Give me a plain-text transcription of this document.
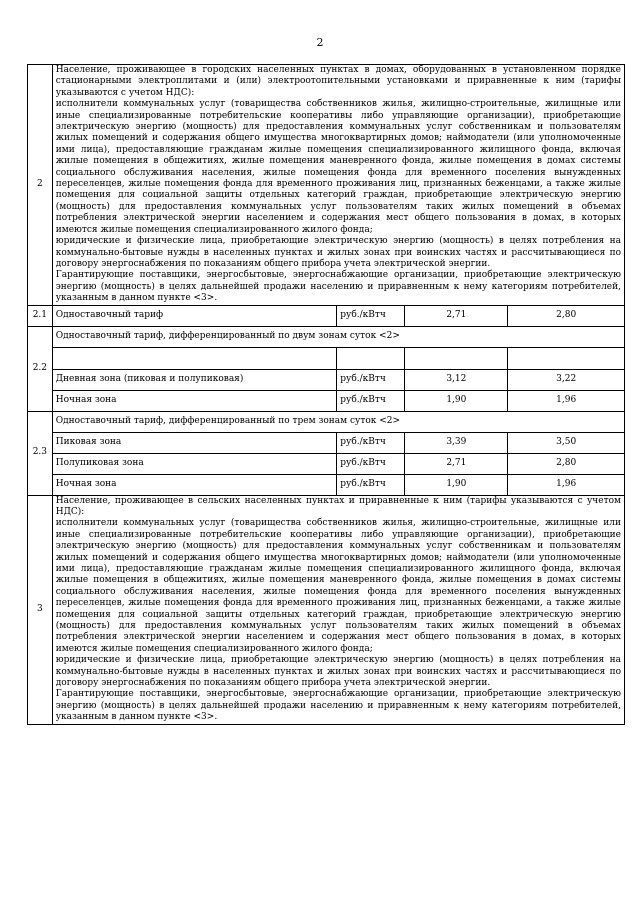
2
2	Население, проживающее в городских населенных пунктах в домах, оборудованных в установленном порядке стационарными электроплитами и (или) электроотопительными установками и приравненные к ним (тарифы указываются с учетом НДС):

исполнители коммунальных услуг (товарищества собственников жилья, жилищно-строительные, жилищные или иные специализированные потребительские кооперативы либо управляющие организации), приобретающие электрическую энергию (мощность) для предоставления коммунальных услуг собственникам и пользователям жилых помещений и содержания общего имущества многоквартирных домов; наймодатели (или уполномоченные ими лица), предоставляющие гражданам жилые помещения специализированного жилищного фонда, включая жилые помещения в общежитиях, жилые помещения маневренного фонда, жилые помещения в домах системы социального обслуживания населения, жилые помещения фонда для временного поселения вынужденных переселенцев, жилые помещения фонда для временного проживания лиц, признанных беженцами, а также жилые помещения для социальной защиты отдельных категорий граждан, приобретающие электрическую энергию (мощность) для предоставления коммунальных услуг пользователям таких жилых помещений в объемах потребления электрической энергии населением и содержания мест общего пользования в домах, в которых имеются жилые помещения специализированного жилого фонда;

юридические и физические лица, приобретающие электрическую энергию (мощность) в целях потребления на коммунально-бытовые нужды в населенных пунктах и жилых зонах при воинских частях и рассчитывающиеся по договору энергоснабжения по показаниям общего прибора учета электрической энергии.

Гарантирующие поставщики, энергосбытовые, энергоснабжающие организации, приобретающие электрическую энергию (мощность) в целях дальнейшей продажи населению и приравненным к нему категориям потребителей, указанным в данном пункте <3>.			

2.1	Одноставочный тариф	руб./кВтч	2,71	2,80
2.2	Одноставочный тариф, дифференцированный по двум зонам суток <2>			

	Дневная зона (пиковая и полупиковая)	руб./кВтч	3,12	3,22
	Ночная зона	руб./кВтч	1,90	1,96
2.3	Одноставочный тариф, дифференцированный по трем зонам суток <2>			
	Пиковая зона	руб./кВтч	3,39	3,50
	Полупиковая зона	руб./кВтч	2,71	2,80
	Ночная зона	руб./кВтч	1,90	1,96
3	Население, проживающее в сельских населенных пунктах и приравненные к ним (тарифы указываются с учетом НДС):

исполнители коммунальных услуг (товарищества собственников жилья, жилищно-строительные, жилищные или иные специализированные потребительские кооперативы либо управляющие организации), приобретающие электрическую энергию (мощность) для предоставления коммунальных услуг собственникам и пользователям жилых помещений и содержания общего имущества многоквартирных домов; наймодатели (или уполномоченные ими лица), предоставляющие гражданам жилые помещения специализированного жилищного фонда, включая жилые помещения в общежитиях, жилые помещения маневренного фонда, жилые помещения в домах системы социального обслуживания населения, жилые помещения фонда для временного поселения вынужденных переселенцев, жилые помещения фонда для временного проживания лиц, признанных беженцами, а также жилые помещения для социальной защиты отдельных категорий граждан, приобретающие электрическую энергию (мощность) для предоставления коммунальных услуг пользователям таких жилых помещений в объемах потребления электрической энергии населением и содержания мест общего пользования в домах, в которых имеются жилые помещения специализированного жилого фонда;

юридические и физические лица, приобретающие электрическую энергию (мощность) в целях потребления на коммунально-бытовые нужды в населенных пунктах и жилых зонах при воинских частях и рассчитывающиеся по договору энергоснабжения по показаниям общего прибора учета электрической энергии.

Гарантирующие поставщики, энергосбытовые, энергоснабжающие организации, приобретающие электрическую энергию (мощность) в целях дальнейшей продажи населению и приравненным к нему категориям потребителей, указанным в данном пункте <3>.			
